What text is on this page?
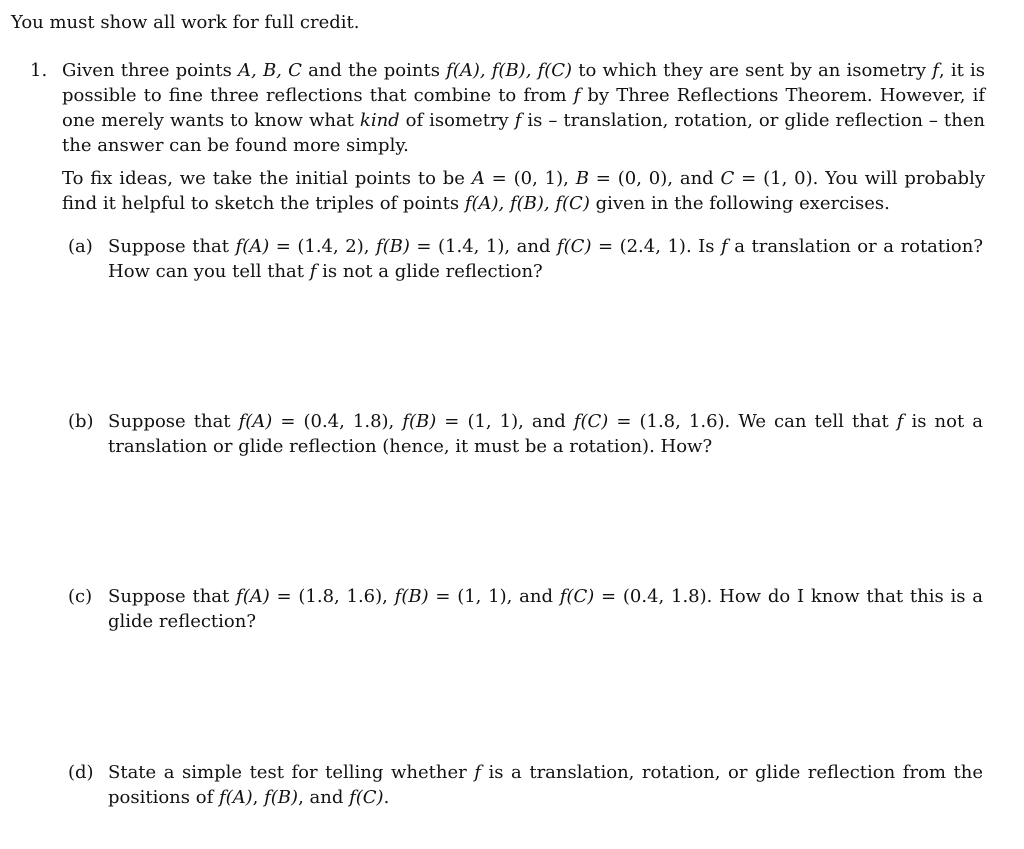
You must show all work for full credit.
1. Given three points A, B, C and the points f(A), f(B), f(C) to which they are sent by an isometry f, it is possible to fine three reflections that combine to from f by Three Reflections Theorem. However, if one merely wants to know what kind of isometry f is – translation, rotation, or glide reflection – then the answer can be found more simply.

To fix ideas, we take the initial points to be A = (0, 1), B = (0, 0), and C = (1, 0). You will probably find it helpful to sketch the triples of points f(A), f(B), f(C) given in the following exercises.

(a) Suppose that f(A) = (1.4, 2), f(B) = (1.4, 1), and f(C) = (2.4, 1). Is f a translation or a rotation? How can you tell that f is not a glide reflection?
(b) Suppose that f(A) = (0.4, 1.8), f(B) = (1, 1), and f(C) = (1.8, 1.6). We can tell that f is not a translation or glide reflection (hence, it must be a rotation). How?
(c) Suppose that f(A) = (1.8, 1.6), f(B) = (1, 1), and f(C) = (0.4, 1.8). How do I know that this is a glide reflection?
(d) State a simple test for telling whether f is a translation, rotation, or glide reflection from the positions of f(A), f(B), and f(C).
